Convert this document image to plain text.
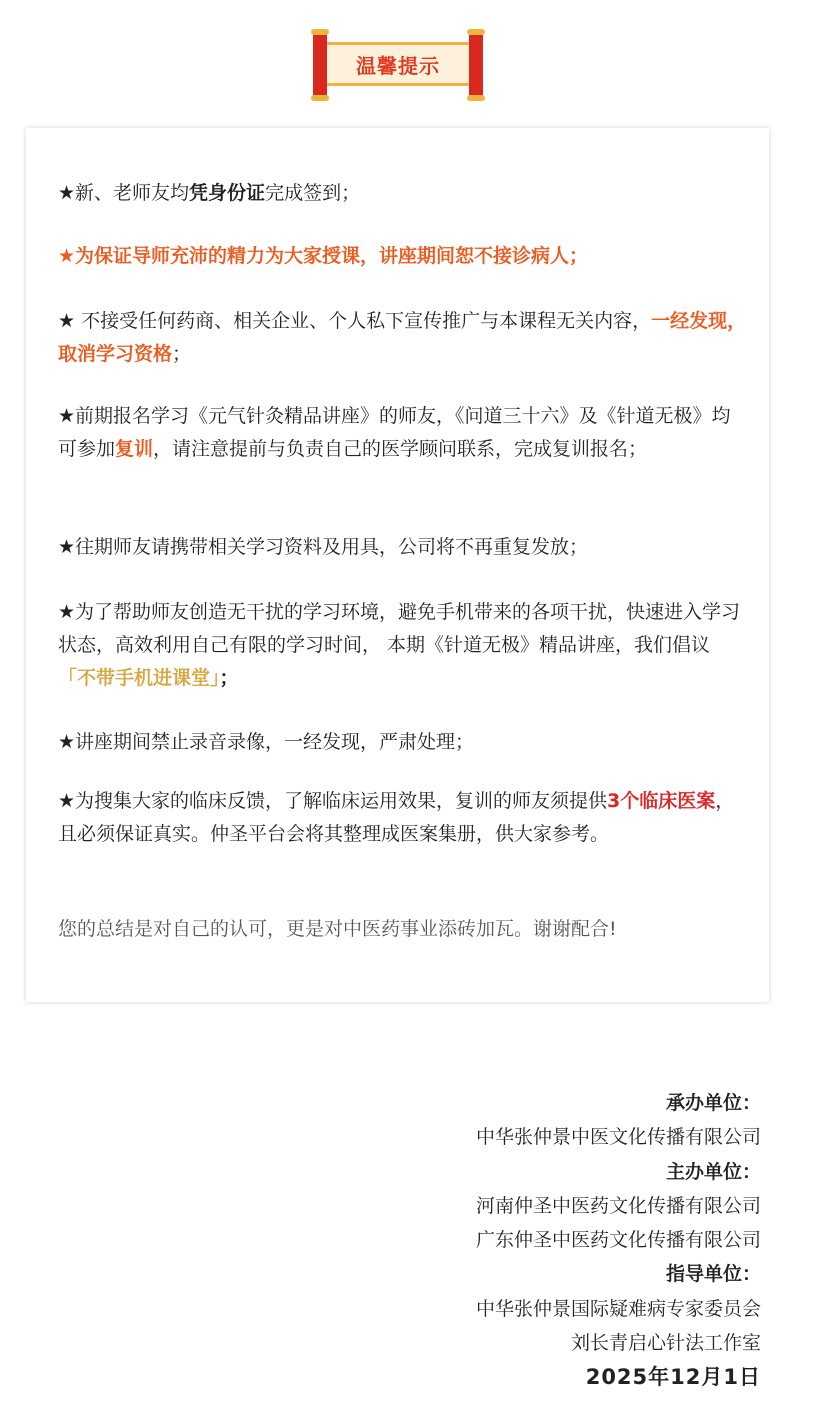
温馨提示

★新、老师友均凭身份证完成签到；

★为保证导师充沛的精力为大家授课，讲座期间恕不接诊病人；

★ 不接受任何药商、相关企业、个人私下宣传推广与本课程无关内容，一经发现，取消学习资格；

★前期报名学习《元气针灸精品讲座》的师友，《问道三十六》及《针道无极》均可参加复训，请注意提前与负责自己的医学顾问联系，完成复训报名；

★往期师友请携带相关学习资料及用具，公司将不再重复发放；

★为了帮助师友创造无干扰的学习环境，避免手机带来的各项干扰，快速进入学习状态，高效利用自己有限的学习时间， 本期《针道无极》精品讲座，我们倡议「不带手机进课堂」；

★讲座期间禁止录音录像，一经发现，严肃处理；

★为搜集大家的临床反馈，了解临床运用效果，复训的师友须提供3个临床医案，且必须保证真实。仲圣平台会将其整理成医案集册，供大家参考。

您的总结是对自己的认可，更是对中医药事业添砖加瓦。谢谢配合!

承办单位：
中华张仲景中医文化传播有限公司
主办单位：
河南仲圣中医药文化传播有限公司
广东仲圣中医药文化传播有限公司
指导单位：
中华张仲景国际疑难病专家委员会
刘长青启心针法工作室
2025年12月1日
